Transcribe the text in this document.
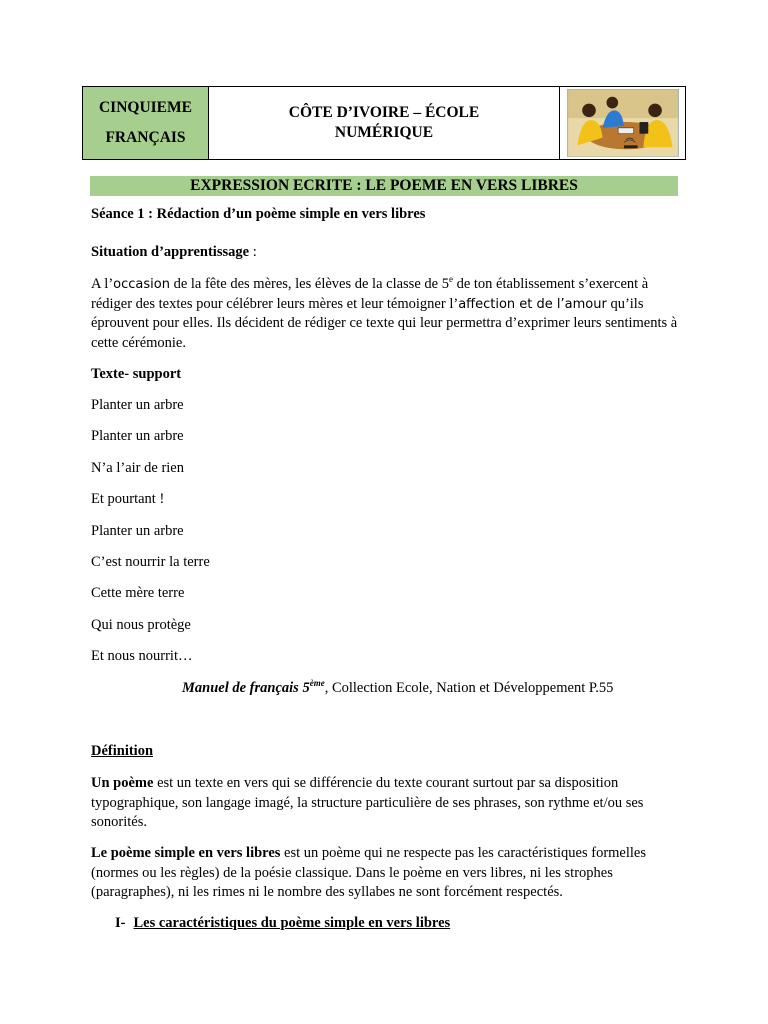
CINQUIEME
FRANÇAIS
CÔTE D’IVOIRE – ÉCOLE
NUMÉRIQUE
EXPRESSION ECRITE : LE POEME EN VERS LIBRES
Séance 1 : Rédaction d’un poème simple en vers libres
Situation d’apprentissage :
A l’occasion de la fête des mères, les élèves de la classe de 5e de ton établissement s’exercent à rédiger des textes pour célébrer leurs mères et leur témoigner l’affection et de l’amour qu’ils éprouvent pour elles. Ils décident de rédiger ce texte qui leur permettra d’exprimer leurs sentiments à cette cérémonie.
Texte- support
Planter un arbre
Planter un arbre
N’a l’air de rien
Et pourtant !
Planter un arbre
C’est nourrir la terre
Cette mère terre
Qui nous protège
Et nous nourrit…
Manuel de français 5ème, Collection Ecole, Nation et Développement P.55
Définition
Un poème est un texte en vers qui se différencie du texte courant surtout par sa disposition typographique, son langage imagé, la structure particulière de ses phrases, son rythme et/ou ses sonorités.
Le poème simple en vers libres est un poème qui ne respecte pas les caractéristiques formelles (normes ou les règles) de la poésie classique. Dans le poème en vers libres, ni les strophes (paragraphes), ni les rimes ni le nombre des syllabes ne sont forcément respectés.
I- Les caractéristiques du poème simple en vers libres
